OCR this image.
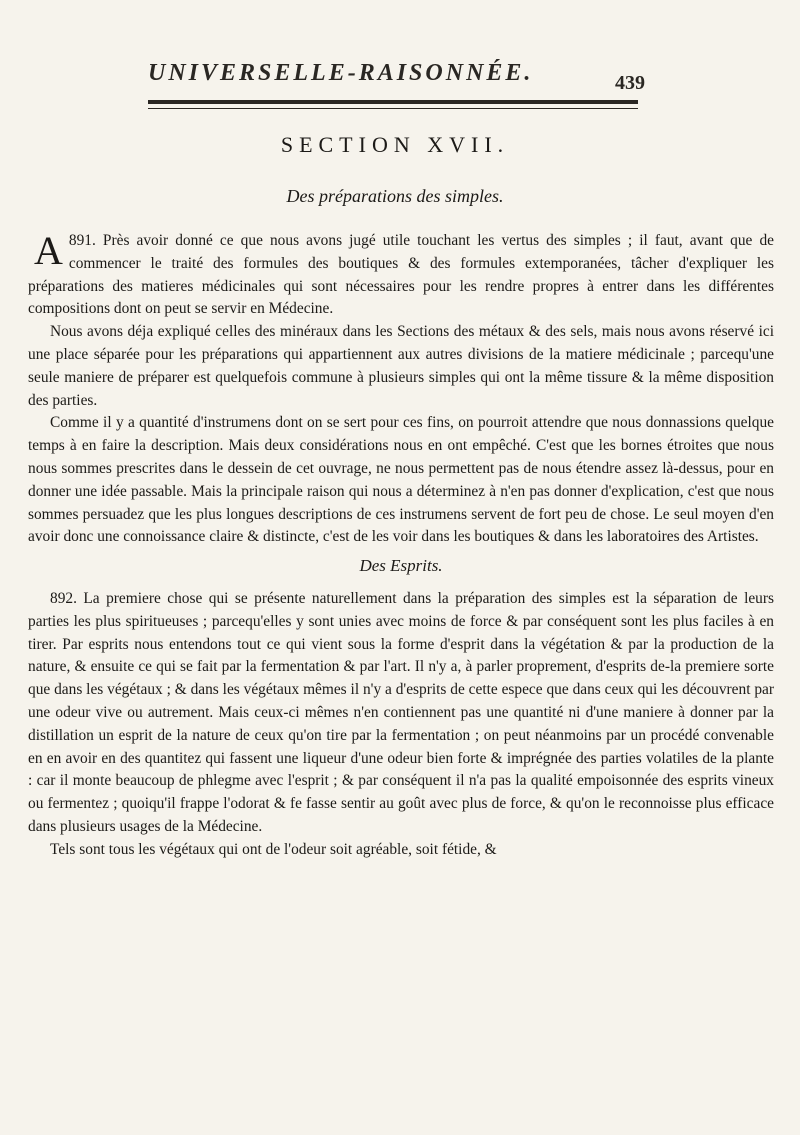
UNIVERSELLE-RAISONNÉE.	439
SECTION XVII.
Des préparations des simples.

891.
A	Près avoir donné ce que nous avons jugé utile touchant les vertus des simples ; il faut, avant que de commencer le traité des formules des boutiques & des formules extemporanées, tâcher d'expliquer les préparations des matieres médicinales qui sont nécessaires pour les rendre propres à entrer dans les différentes compositions dont on peut se servir en Médecine.

Nous avons déja expliqué celles des minéraux dans les Sections des métaux & des sels, mais nous avons réservé ici une place séparée pour les préparations qui appartiennent aux autres divisions de la matiere médicinale ; parcequ'une seule maniere de préparer est quelquefois commune à plusieurs simples qui ont la même tissure & la même disposition des parties.

Comme il y a quantité d'instrumens dont on se sert pour ces fins, on pourroit attendre que nous donnassions quelque temps à en faire la description. Mais deux considérations nous en ont empêché. C'est que les bornes étroites que nous nous sommes prescrites dans le dessein de cet ouvrage, ne nous permettent pas de nous étendre assez là-dessus, pour en donner une idée passable. Mais la principale raison qui nous a déterminez à n'en pas donner d'explication, c'est que nous sommes persuadez que les plus longues descriptions de ces instrumens servent de fort peu de chose. Le seul moyen d'en avoir donc une connoissance claire & distincte, c'est de les voir dans les boutiques & dans les laboratoires des Artistes.

Des Esprits.

892. La premiere chose qui se présente naturellement dans la préparation des simples est la séparation de leurs parties les plus spiritueuses ; parcequ'elles y sont unies avec moins de force & par conséquent sont les plus faciles à en tirer. Par esprits nous entendons tout ce qui vient sous la forme d'esprit dans la végétation & par la production de la nature, & ensuite ce qui se fait par la fermentation & par l'art. Il n'y a, à parler proprement, d'esprits de-la premiere sorte que dans les végétaux ; & dans les végétaux mêmes il n'y a d'esprits de cette espece que dans ceux qui les découvrent par une odeur vive ou autrement. Mais ceux-ci mêmes n'en contiennent pas une quantité ni d'une maniere à donner par la distillation un esprit de la nature de ceux qu'on tire par la fermentation ; on peut néanmoins par un procédé convenable en en avoir en des quantitez qui fassent une liqueur d'une odeur bien forte & imprégnée des parties volatiles de la plante : car il monte beaucoup de phlegme avec l'esprit ; & par conséquent il n'a pas la qualité empoisonnée des esprits vineux ou fermentez ; quoiqu'il frappe l'odorat & fe fasse sentir au goût avec plus de force, & qu'on le reconnoisse plus efficace dans plusieurs usages de la Médecine.

Tels sont tous les végétaux qui ont de l'odeur soit agréable, soit fétide, &
